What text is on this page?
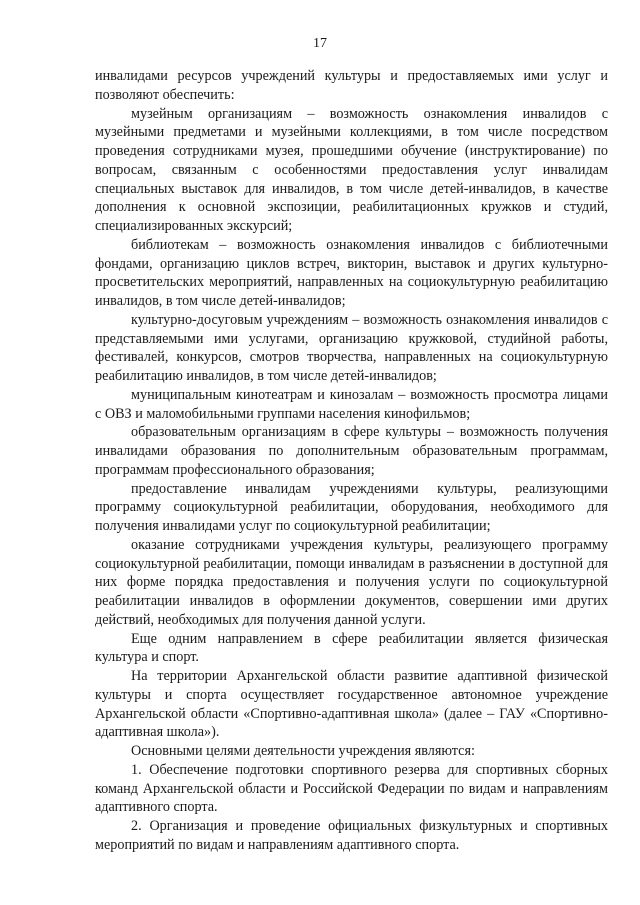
17

инвалидами ресурсов учреждений культуры и предоставляемых ими услуг и позволяют обеспечить:

музейным организациям – возможность ознакомления инвалидов с музейными предметами и музейными коллекциями, в том числе посредством проведения сотрудниками музея, прошедшими обучение (инструктирование) по вопросам, связанным с особенностями предоставления услуг инвалидам специальных выставок для инвалидов, в том числе детей-инвалидов, в качестве дополнения к основной экспозиции, реабилитационных кружков и студий, специализированных экскурсий;

библиотекам – возможность ознакомления инвалидов с библиотечными фондами, организацию циклов встреч, викторин, выставок и других культурно-просветительских мероприятий, направленных на социокультурную реабилитацию инвалидов, в том числе детей-инвалидов;

культурно-досуговым учреждениям – возможность ознакомления инвалидов с представляемыми ими услугами, организацию кружковой, студийной работы, фестивалей, конкурсов, смотров творчества, направленных на социокультурную реабилитацию инвалидов, в том числе детей-инвалидов;

муниципальным кинотеатрам и кинозалам – возможность просмотра лицами с ОВЗ и маломобильными группами населения кинофильмов;

образовательным организациям в сфере культуры – возможность получения инвалидами образования по дополнительным образовательным программам, программам профессионального образования;

предоставление инвалидам учреждениями культуры, реализующими программу социокультурной реабилитации, оборудования, необходимого для получения инвалидами услуг по социокультурной реабилитации;

оказание сотрудниками учреждения культуры, реализующего программу социокультурной реабилитации, помощи инвалидам в разъяснении в доступной для них форме порядка предоставления и получения услуги по социокультурной реабилитации инвалидов в оформлении документов, совершении ими других действий, необходимых для получения данной услуги.

Еще одним направлением в сфере реабилитации является физическая культура и спорт.

На территории Архангельской области развитие адаптивной физической культуры и спорта осуществляет государственное автономное учреждение Архангельской области «Спортивно-адаптивная школа» (далее – ГАУ «Спортивно-адаптивная школа»).

Основными целями деятельности учреждения являются:

1. Обеспечение подготовки спортивного резерва для спортивных сборных команд Архангельской области и Российской Федерации по видам и направлениям адаптивного спорта.

2. Организация и проведение официальных физкультурных и спортивных мероприятий по видам и направлениям адаптивного спорта.
